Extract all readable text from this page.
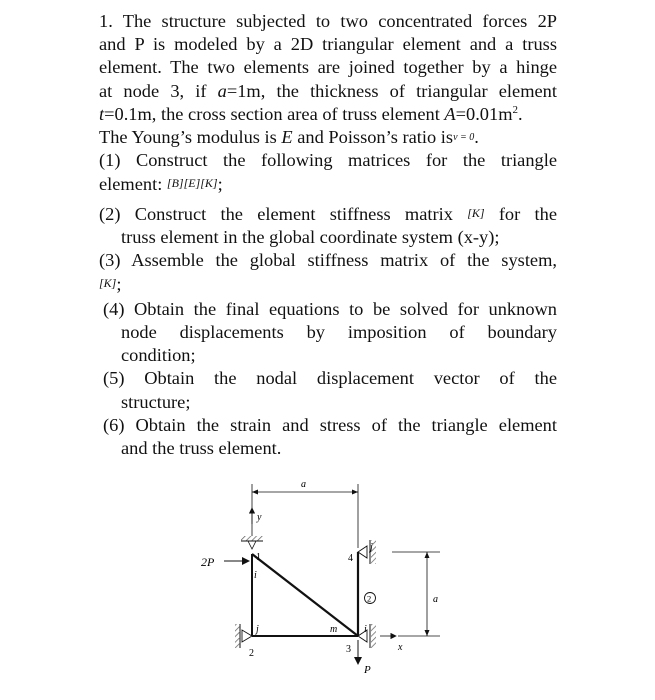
1. The structure subjected to two concentrated forces 2P
and P is modeled by a 2D triangular element and a truss
element. The two elements are joined together by a hinge
at node 3, if a=1m, the thickness of triangular element
t=0.1m, the cross section area of truss element $A=0.01m^2$.
The Young’s modulus is E and Poisson’s ratio isv = 0.
(1) Construct the following matrices for the triangle
element: [B][E][K];
(2) Construct the element stiffness matrix [K] for the
truss element in the global coordinate system (x-y);
(3) Assemble the global stiffness matrix of the system,
[K];
(4) Obtain the final equations to be solved for unknown
node displacements by imposition of boundary
condition;
(5) Obtain the nodal displacement vector of the
structure;
(6) Obtain the strain and stress of the triangle element
and the truss element.
a
y
2P	1
i
j	m
2
4
i
2
3	x
P
a
